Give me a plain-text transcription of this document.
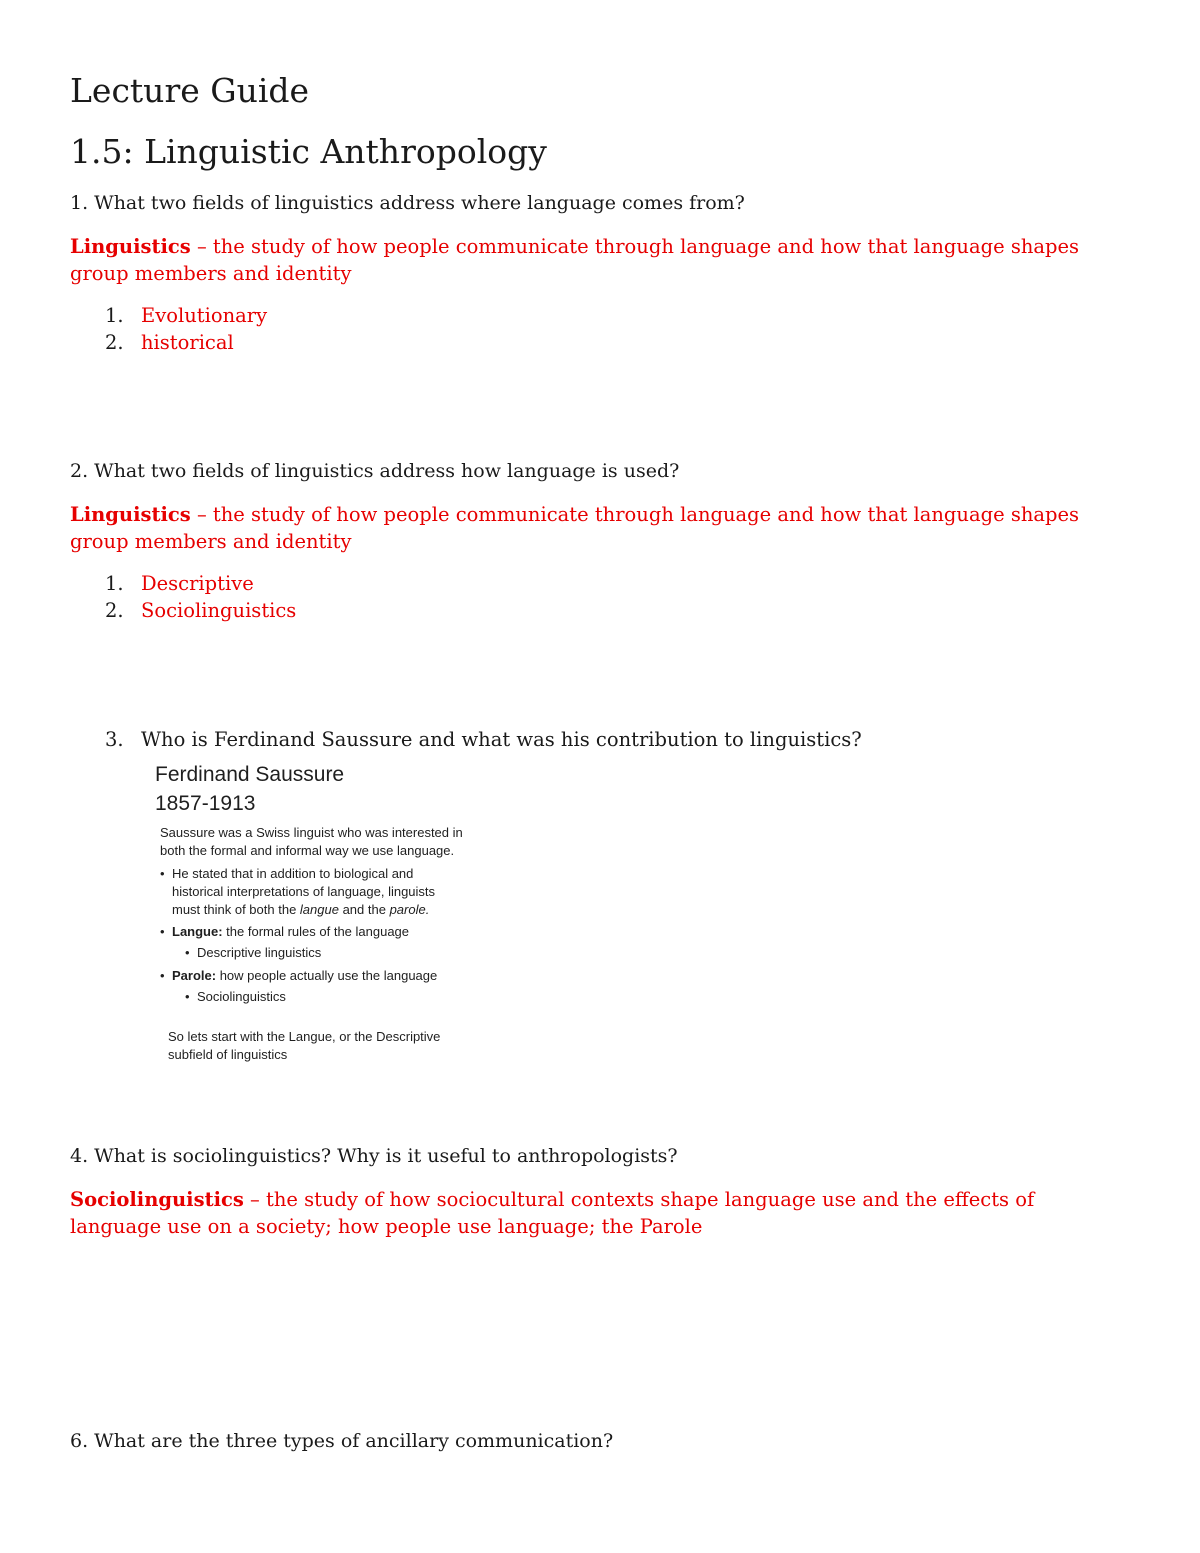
Lecture Guide
1.5: Linguistic Anthropology
1. What two fields of linguistics address where language comes from?
Linguistics – the study of how people communicate through language and how that language shapes group members and identity
1. Evolutionary
2. historical
2. What two fields of linguistics address how language is used?
Linguistics – the study of how people communicate through language and how that language shapes group members and identity
1. Descriptive
2. Sociolinguistics
3. Who is Ferdinand Saussure and what was his contribution to linguistics?
Ferdinand Saussure
1857-1913
Saussure was a Swiss linguist who was interested in
both the formal and informal way we use language.
• He stated that in addition to biological and
historical interpretations of language, linguists
must think of both the langue and the parole.
• Langue: the formal rules of the language
• Descriptive linguistics
• Parole: how people actually use the language
• Sociolinguistics
So lets start with the Langue, or the Descriptive
subfield of linguistics
4. What is sociolinguistics? Why is it useful to anthropologists?
Sociolinguistics – the study of how sociocultural contexts shape language use and the effects of language use on a society; how people use language; the Parole
6. What are the three types of ancillary communication?
